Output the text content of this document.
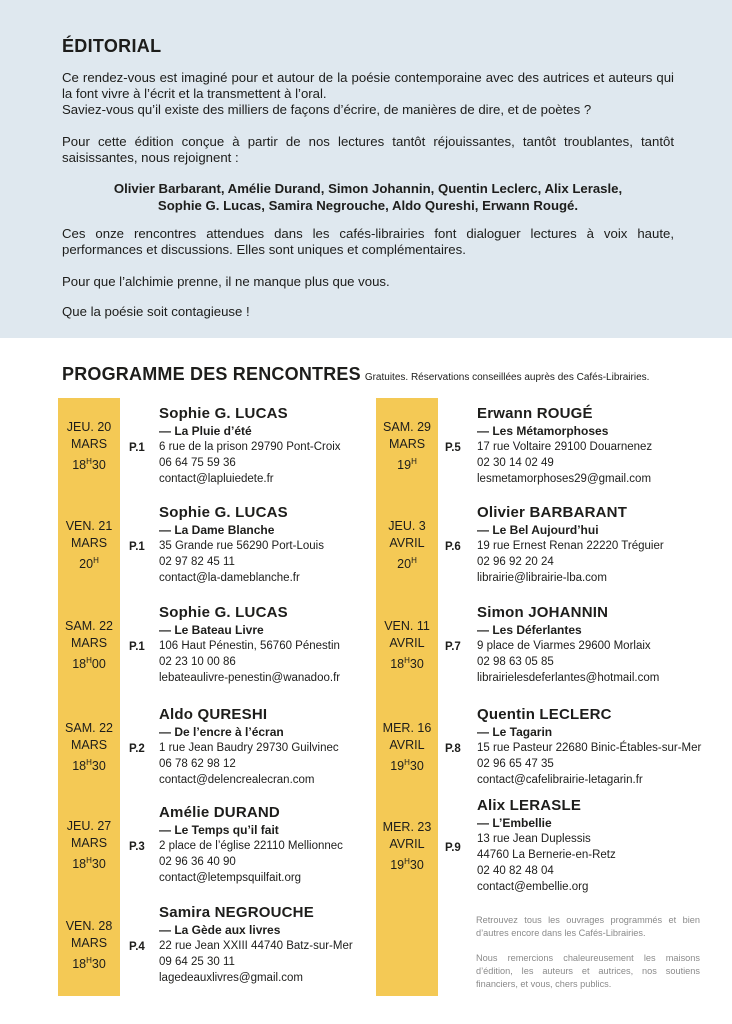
ÉDITORIAL

Ce rendez-vous est imaginé pour et autour de la poésie contemporaine avec des autrices et auteurs qui la font vivre à l’écrit et la transmettent à l’oral.

Saviez-vous qu’il existe des milliers de façons d’écrire, de manières de dire, et de poètes ?

Pour cette édition conçue à partir de nos lectures tantôt réjouissantes, tantôt troublantes, tantôt saisissantes, nous rejoignent :

Olivier Barbarant, Amélie Durand, Simon Johannin, Quentin Leclerc, Alix Lerasle,

Sophie G. Lucas, Samira Negrouche, Aldo Qureshi, Erwann Rougé.

Ces onze rencontres attendues dans les cafés-librairies font dialoguer lectures à voix haute, performances et discussions. Elles sont uniques et complémentaires.

Pour que l’alchimie prenne, il ne manque plus que vous.

Que la poésie soit contagieuse !

PROGRAMME DES RENCONTRES Gratuites. Réservations conseillées auprès des Cafés-Librairies.
JEU. 20
MARS
$18^H30$
P.1
Sophie G. LUCAS
— La Pluie d’été
6 rue de la prison 29790 Pont-Croix
06 64 75 59 36
contact@lapluiedete.fr
VEN. 21
MARS
$20^H$
P.1
Sophie G. LUCAS
— La Dame Blanche
35 Grande rue 56290 Port-Louis
02 97 82 45 11
contact@la-dameblanche.fr
SAM. 22
MARS
$18^H00$
P.1
Sophie G. LUCAS
— Le Bateau Livre
106 Haut Pénestin, 56760 Pénestin
02 23 10 00 86
lebateaulivre-penestin@wanadoo.fr
SAM. 22
MARS
$18^H30$
P.2
Aldo QURESHI
— De l’encre à l’écran
1 rue Jean Baudry 29730 Guilvinec
06 78 62 98 12
contact@delencrealecran.com
JEU. 27
MARS
$18^H30$
P.3
Amélie DURAND
— Le Temps qu’il fait
2 place de l’église 22110 Mellionnec
02 96 36 40 90
contact@letempsquilfait.org
VEN. 28
MARS
$18^H30$
P.4
Samira NEGROUCHE
— La Gède aux livres
22 rue Jean XXIII 44740 Batz-sur-Mer
09 64 25 30 11
lagedeauxlivres@gmail.com
SAM. 29
MARS
$19^H$
P.5
Erwann ROUGÉ
— Les Métamorphoses
17 rue Voltaire 29100 Douarnenez
02 30 14 02 49
lesmetamorphoses29@gmail.com
JEU. 3
AVRIL
$20^H$
P.6
Olivier BARBARANT
— Le Bel Aujourd’hui
19 rue Ernest Renan 22220 Tréguier
02 96 92 20 24
librairie@librairie-lba.com
VEN. 11
AVRIL
$18^H30$
P.7
Simon JOHANNIN
— Les Déferlantes
9 place de Viarmes 29600 Morlaix
02 98 63 05 85
librairielesdeferlantes@hotmail.com
MER. 16
AVRIL
$19^H30$
P.8
Quentin LECLERC
— Le Tagarin
15 rue Pasteur 22680 Binic-Étables-sur-Mer
02 96 65 47 35
contact@cafelibrairie-letagarin.fr
MER. 23
AVRIL
$19^H30$
P.9
Alix LERASLE
— L’Embellie
13 rue Jean Duplessis
44760 La Bernerie-en-Retz
02 40 82 48 04
contact@embellie.org

Retrouvez tous les ouvrages programmés et bien d’autres encore dans les Cafés-Librairies.

Nous remercions chaleureusement les maisons d’édition, les auteurs et autrices, nos soutiens financiers, et vous, chers publics.
